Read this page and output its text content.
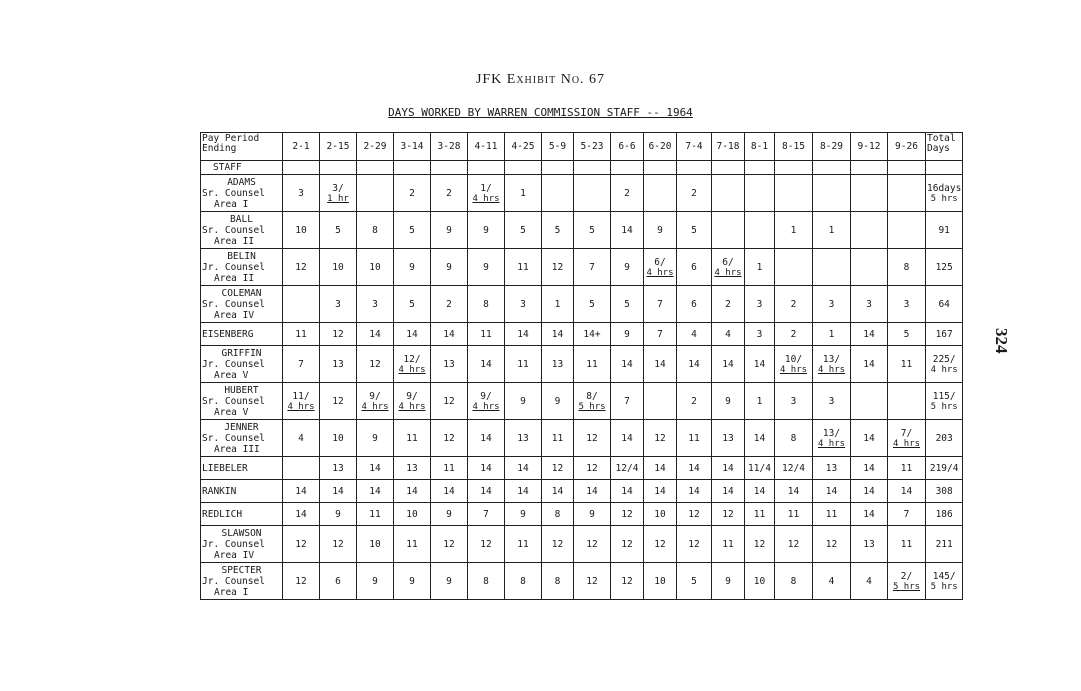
JFK Exhibit No. 67
DAYS WORKED BY WARREN COMMISSION STAFF -- 1964
324
Pay Period Ending	2-1	2-15	2-29	3-14	3-28	4-11	4-25	5-9	5-23	6-6	6-20	7-4	7-18	8-1	8-15	8-29	9-12	9-26	Total Days
STAFF																			

ADAMS
Sr. Counsel
Area I	3	3/
1 hr		2	2	1/
4 hrs	1			2		2							16days
5 hrs

BALL
Sr. Counsel
Area II	10	5	8	5	9	9	5	5	5	14	9	5			1	1			91

BELIN
Jr. Counsel
Area II	12	10	10	9	9	9	11	12	7	9	6/
4 hrs	6	6/
4 hrs	1				8	125

COLEMAN
Sr. Counsel
Area IV		3	3	5	2	8	3	1	5	5	7	6	2	3	2	3	3	3	64

EISENBERG	11	12	14	14	14	11	14	14	14+	9	7	4	4	3	2	1	14	5	167

GRIFFIN
Jr. Counsel
Area V	7	13	12	12/
4 hrs	13	14	11	13	11	14	14	14	14	14	10/
4 hrs	13/
4 hrs	14	11	225/
4 hrs

HUBERT
Sr. Counsel
Area V	11/
4 hrs	12	9/
4 hrs	9/
4 hrs	12	9/
4 hrs	9	9	8/
5 hrs	7		2	9	1	3	3			115/
5 hrs

JENNER
Sr. Counsel
Area III	4	10	9	11	12	14	13	11	12	14	12	11	13	14	8	13/
4 hrs	14	7/
4 hrs	203

LIEBELER		13	14	13	11	14	14	12	12	12/4	14	14	14	11/4	12/4	13	14	11	219/4

RANKIN	14	14	14	14	14	14	14	14	14	14	14	14	14	14	14	14	14	14	308

REDLICH	14	9	11	10	9	7	9	8	9	12	10	12	12	11	11	11	14	7	186

SLAWSON
Jr. Counsel
Area IV	12	12	10	11	12	12	11	12	12	12	12	12	11	12	12	12	13	11	211

SPECTER
Jr. Counsel
Area I	12	6	9	9	9	8	8	8	12	12	10	5	9	10	8	4	4	2/
5 hrs	145/
5 hrs
